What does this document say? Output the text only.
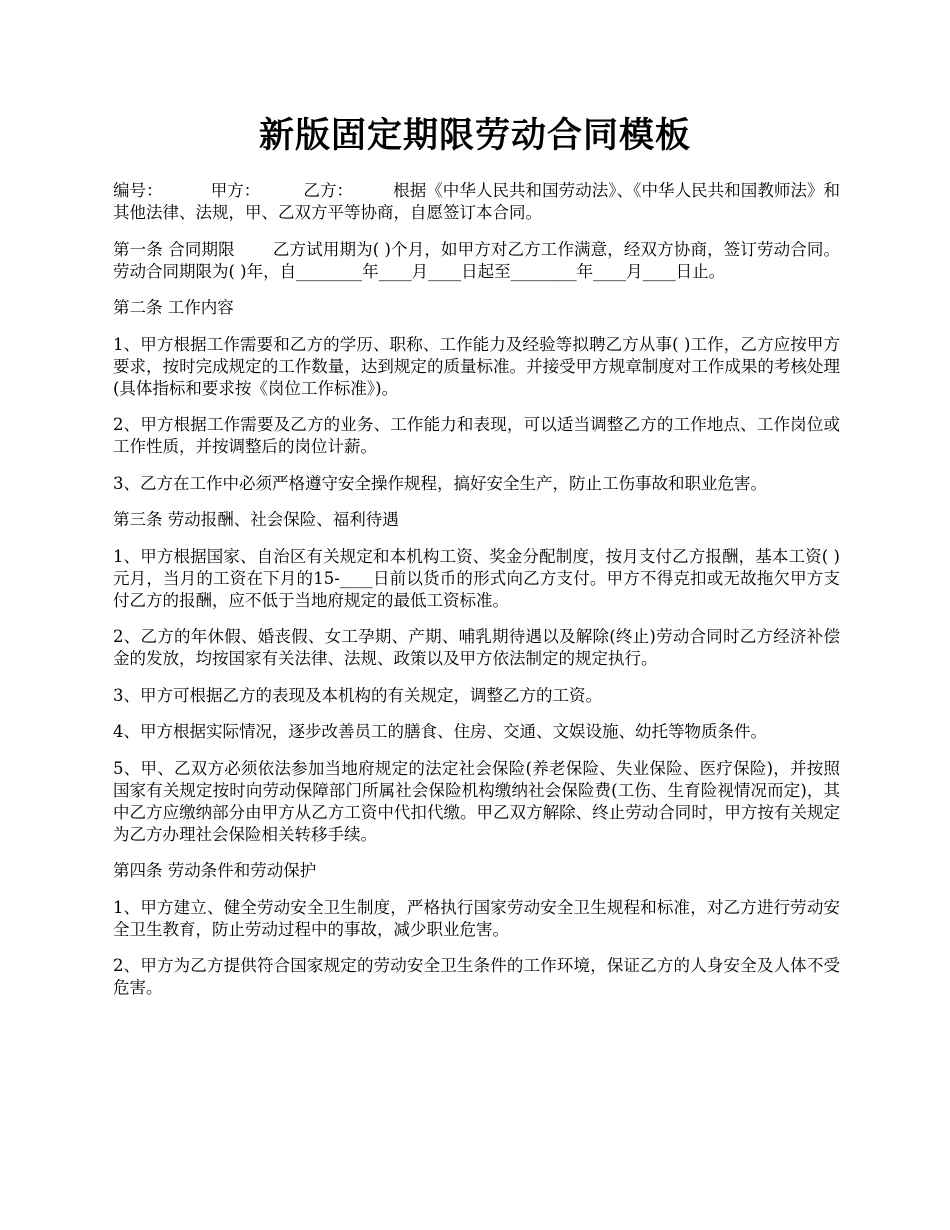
新版固定期限劳动合同模板

编号：	甲方：	乙方： 根据《中华人民共和国劳动法》、《中华人民共和国教师法》和其他法律、法规，甲、乙双方平等协商，自愿签订本合同。

第一条 合同期限 乙方试用期为( )个月，如甲方对乙方工作满意，经双方协商，签订劳动合同。劳动合同期限为( )年，自________年____月____日起至________年____月____日止。

第二条 工作内容

1、甲方根据工作需要和乙方的学历、职称、工作能力及经验等拟聘乙方从事( )工作，乙方应按甲方要求，按时完成规定的工作数量，达到规定的质量标准。并接受甲方规章制度对工作成果的考核处理(具体指标和要求按《岗位工作标准》)。

2、甲方根据工作需要及乙方的业务、工作能力和表现，可以适当调整乙方的工作地点、工作岗位或工作性质，并按调整后的岗位计薪。

3、乙方在工作中必须严格遵守安全操作规程，搞好安全生产，防止工伤事故和职业危害。

第三条 劳动报酬、社会保险、福利待遇

1、甲方根据国家、自治区有关规定和本机构工资、奖金分配制度，按月支付乙方报酬，基本工资( )元月，当月的工资在下月的15-____日前以货币的形式向乙方支付。甲方不得克扣或无故拖欠甲方支付乙方的报酬，应不低于当地府规定的最低工资标准。

2、乙方的年休假、婚丧假、女工孕期、产期、哺乳期待遇以及解除(终止)劳动合同时乙方经济补偿金的发放，均按国家有关法律、法规、政策以及甲方依法制定的规定执行。

3、甲方可根据乙方的表现及本机构的有关规定，调整乙方的工资。

4、甲方根据实际情况，逐步改善员工的膳食、住房、交通、文娱设施、幼托等物质条件。

5、甲、乙双方必须依法参加当地府规定的法定社会保险(养老保险、失业保险、医疗保险)，并按照国家有关规定按时向劳动保障部门所属社会保险机构缴纳社会保险费(工伤、生育险视情况而定)，其中乙方应缴纳部分由甲方从乙方工资中代扣代缴。甲乙双方解除、终止劳动合同时，甲方按有关规定为乙方办理社会保险相关转移手续。

第四条 劳动条件和劳动保护

1、甲方建立、健全劳动安全卫生制度，严格执行国家劳动安全卫生规程和标准，对乙方进行劳动安全卫生教育，防止劳动过程中的事故，减少职业危害。

2、甲方为乙方提供符合国家规定的劳动安全卫生条件的工作环境，保证乙方的人身安全及人体不受危害。
